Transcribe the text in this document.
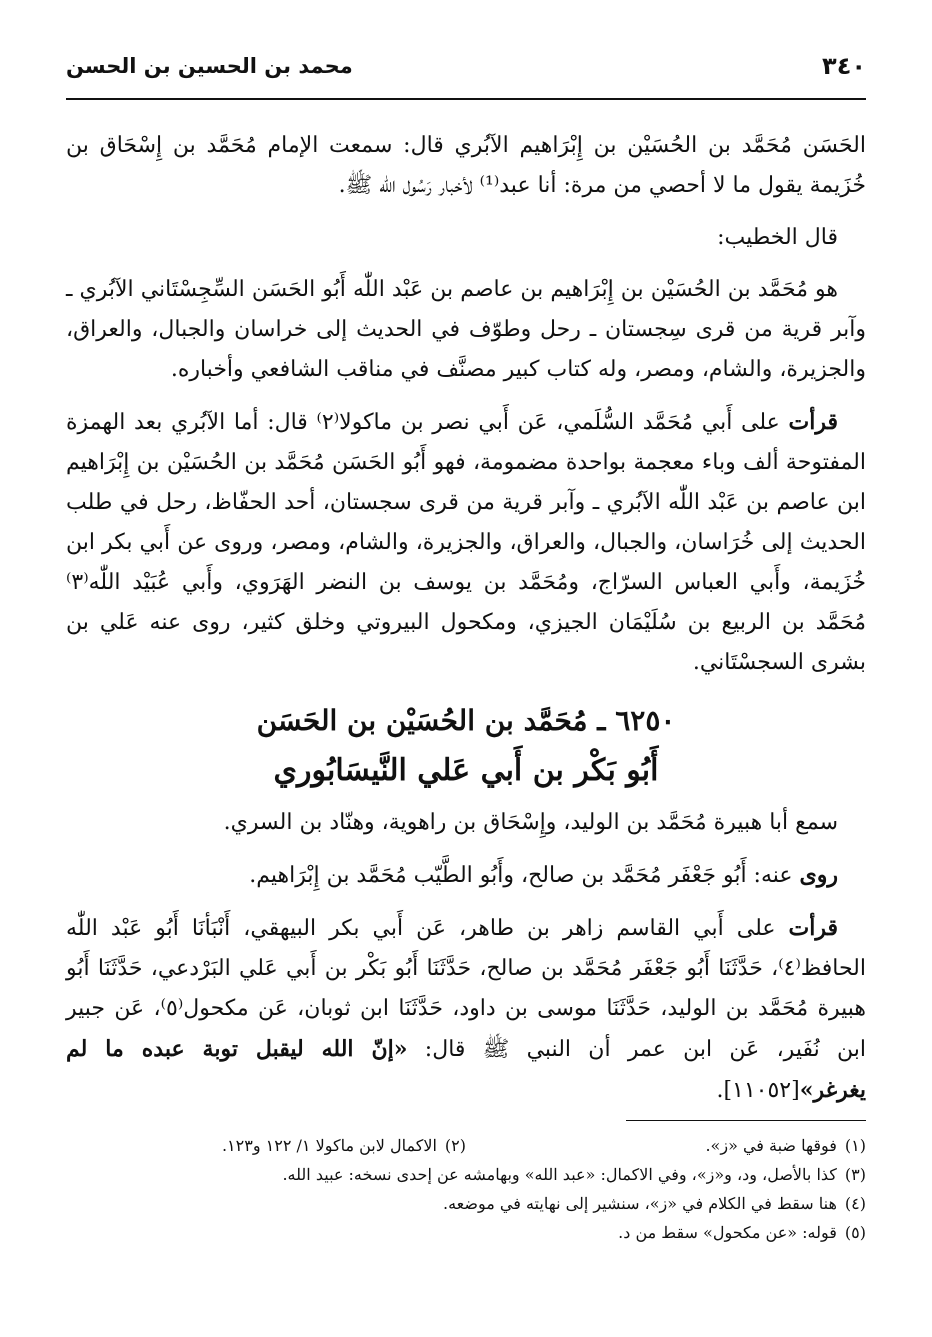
٣٤٠
محمد بن الحسين بن الحسن

الحَسَن مُحَمَّد بن الحُسَيْن بن إِبْرَاهيم الآبُري قال: سمعت الإمام مُحَمَّد بن إِسْحَاق بن خُزَيمة يقول ما لا أحصي من مرة: أنا عبد⁽¹⁾ لأخبار رَسُول الله ﷺ.

قال الخطيب:

هو مُحَمَّد بن الحُسَيْن بن إِبْرَاهيم بن عاصم بن عَبْد اللّٰه أَبُو الحَسَن السِّجِسْتَاني الآبُري ـ وآبر قرية من قرى سِجستان ـ رحل وطوّف في الحديث إلى خراسان والجبال، والعراق، والجزيرة، والشام، ومصر، وله كتاب كبير مصنَّف في مناقب الشافعي وأخباره.

قرأت على أَبي مُحَمَّد السُّلَمي، عَن أَبي نصر بن ماكولا⁽٢⁾ قال: أما الآبُري بعد الهمزة المفتوحة ألف وباء معجمة بواحدة مضمومة، فهو أَبُو الحَسَن مُحَمَّد بن الحُسَيْن بن إِبْرَاهيم ابن عاصم بن عَبْد اللّٰه الآبُري ـ وآبر قرية من قرى سجستان، أحد الحفّاظ، رحل في طلب الحديث إلى خُرَاسان، والجبال، والعراق، والجزيرة، والشام، ومصر، وروى عن أَبي بكر ابن خُزَيمة، وأَبي العباس السرّاج، ومُحَمَّد بن يوسف بن النضر الهَرَوي، وأَبي عُبَيْد اللّٰه⁽٣⁾ مُحَمَّد بن الربيع بن سُلَيْمَان الجيزي، ومكحول البيروتي وخلق كثير، روى عنه عَلي بن بشرى السجسْتَاني.

٦٢٥٠ ـ مُحَمَّد بن الحُسَيْن بن الحَسَن
أَبُو بَكْر بن أَبي عَلي النَّيسَابُوري

سمع أبا هبيرة مُحَمَّد بن الوليد، وإِسْحَاق بن راهوية، وهنّاد بن السري.

روى عنه: أَبُو جَعْفَر مُحَمَّد بن صالح، وأَبُو الطَّيّب مُحَمَّد بن إِبْرَاهيم.

قرأت على أَبي القاسم زاهر بن طاهر، عَن أَبي بكر البيهقي، أَنْبَأنَا أَبُو عَبْد اللّٰه الحافظ⁽٤⁾، حَدَّثَنَا أَبُو جَعْفَر مُحَمَّد بن صالح، حَدَّثَنَا أَبُو بَكْر بن أَبي عَلي البَرْدعي، حَدَّثَنَا أَبُو هبيرة مُحَمَّد بن الوليد، حَدَّثَنَا موسى بن داود، حَدَّثَنَا ابن ثوبان، عَن مكحول⁽٥⁾، عَن جبير ابن نُفَير، عَن ابن عمر أن النبي ﷺ قال: «إنّ الله ليقبل توبة عبده ما لم يغرغر»[١١٠٥٢].

(١)فوقها ضبة في «ز».
(٢)الاكمال لابن ماكولا ١/ ١٢٢ و١٢٣.
(٣)كذا بالأصل، ود، و«ز»، وفي الاكمال: «عبد الله» وبهامشه عن إحدى نسخه: عبيد الله.
(٤)هنا سقط في الكلام في «ز»، سنشير إلى نهايته في موضعه.
(٥)قوله: «عن مكحول» سقط من د.
